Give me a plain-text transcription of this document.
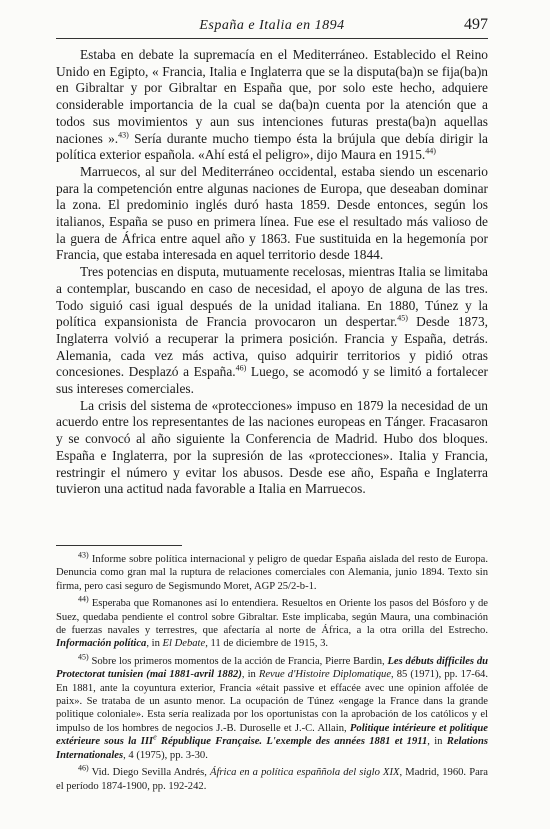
España e Italia en 1894	497

Estaba en debate la supremacía en el Mediterráneo. Establecido el Reino Unido en Egipto, « Francia, Italia e Inglaterra que se la disputa(ba)n se fija(ba)n en Gibraltar y por Gibraltar en España que, por solo este hecho, adquiere considerable importancia de la cual se da(ba)n cuenta por la atención que a todos sus movimientos y aun sus intenciones futuras presta(ba)n aquellas naciones ».$^{43)}$ Sería durante mucho tiempo ésta la brújula que debía dirigir la política exterior española. «Ahí está el peligro», dijo Maura en 1915.$^{44)}$

Marruecos, al sur del Mediterráneo occidental, estaba siendo un escenario para la competención entre algunas naciones de Europa, que deseaban dominar la zona. El predominio inglés duró hasta 1859. Desde entonces, según los italianos, España se puso en primera línea. Fue ese el resultado más valioso de la guera de África entre aquel año y 1863. Fue sustituida en la hegemonía por Francia, que estaba interesada en aquel territorio desde 1844.

Tres potencias en disputa, mutuamente recelosas, mientras Italia se limitaba a contemplar, buscando en caso de necesidad, el apoyo de alguna de las tres. Todo siguió casi igual después de la unidad italiana. En 1880, Túnez y la política expansionista de Francia provocaron un despertar.$^{45)}$ Desde 1873, Inglaterra volvió a recuperar la primera posición. Francia y España, detrás. Alemania, cada vez más activa, quiso adquirir territorios y pidió otras concesiones. Desplazó a España.$^{46)}$ Luego, se acomodó y se limitó a fortalecer sus intereses comerciales.

La crisis del sistema de «protecciones» impuso en 1879 la necesidad de un acuerdo entre los representantes de las naciones europeas en Tánger. Fracasaron y se convocó al año siguiente la Conferencia de Madrid. Hubo dos bloques. España e Inglaterra, por la supresión de las «protecciones». Italia y Francia, restringir el número y evitar los abusos. Desde ese año, España e Inglaterra tuvieron una actitud nada favorable a Italia en Marruecos.

$^{43)}$ Informe sobre política internacional y peligro de quedar España aislada del resto de Europa. Denuncia como gran mal la ruptura de relaciones comerciales con Alemania, junio 1894. Texto sin firma, pero casi seguro de Segismundo Moret, AGP 25/2-b-1.

$^{44)}$ Esperaba que Romanones así lo entendiera. Resueltos en Oriente los pasos del Bósforo y de Suez, quedaba pendiente el control sobre Gibraltar. Este implicaba, según Maura, una combinación de fuerzas navales y terrestres, que afectaría al norte de África, a la otra orilla del Estrecho. Información política, in El Debate, 11 de diciembre de 1915, 3.

$^{45)}$ Sobre los primeros momentos de la acción de Francia, Pierre Bardin, Les débuts difficiles du Protectorat tunisien (mai 1881-avril 1882), in Revue d'Histoire Diplomatique, 85 (1971), pp. 17-64. En 1881, ante la coyuntura exterior, Francia «était passive et effacée avec une opinion affolée de paix». Se trataba de un asunto menor. La ocupación de Túnez «engage la France dans la grande politique coloniale». Esta sería realizada por los oportunistas con la aprobación de los católicos y el impulso de los hombres de negocios J.-B. Duroselle et J.-C. Allain, Politique intérieure et politique extérieure sous la IIIe République Française. L'exemple des années 1881 et 1911, in Relations Internationales, 4 (1975), pp. 3-30.

$^{46)}$ Vid. Diego Sevilla Andrés, África en a política españñola del siglo XIX, Madrid, 1960. Para el período 1874-1900, pp. 192-242.
